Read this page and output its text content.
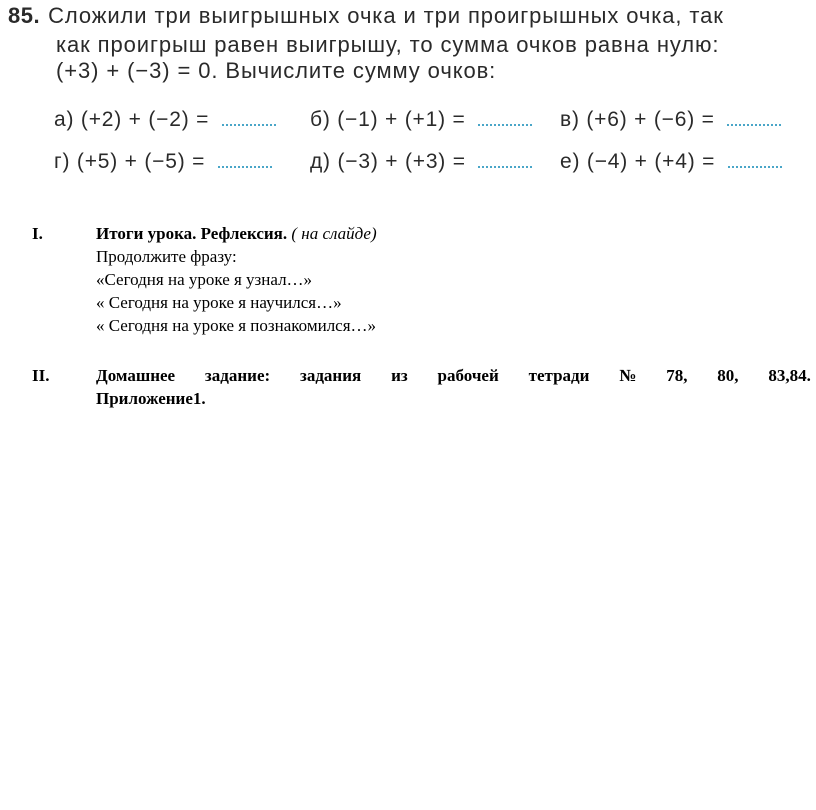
85. Сложили три выигрышных очка и три проигрышных очка, так
как проигрыш равен выигрышу, то сумма очков равна нулю:
(+3) + (−3) = 0. Вычислите сумму очков:
а) (+2) + (−2) =	б) (−1) + (+1) =	в) (+6) + (−6) =
г) (+5) + (−5) =	д) (−3) + (+3) =	е) (−4) + (+4) =
I.	Итоги урока. Рефлексия. ( на слайде)
Продолжите фразу:
«Сегодня на уроке я узнал…»
« Сегодня на уроке я научился…»
« Сегодня на уроке я познакомился…»
II.	Домашнее задание: задания из рабочей тетради № 78, 80, 83,84.
Приложение1.
